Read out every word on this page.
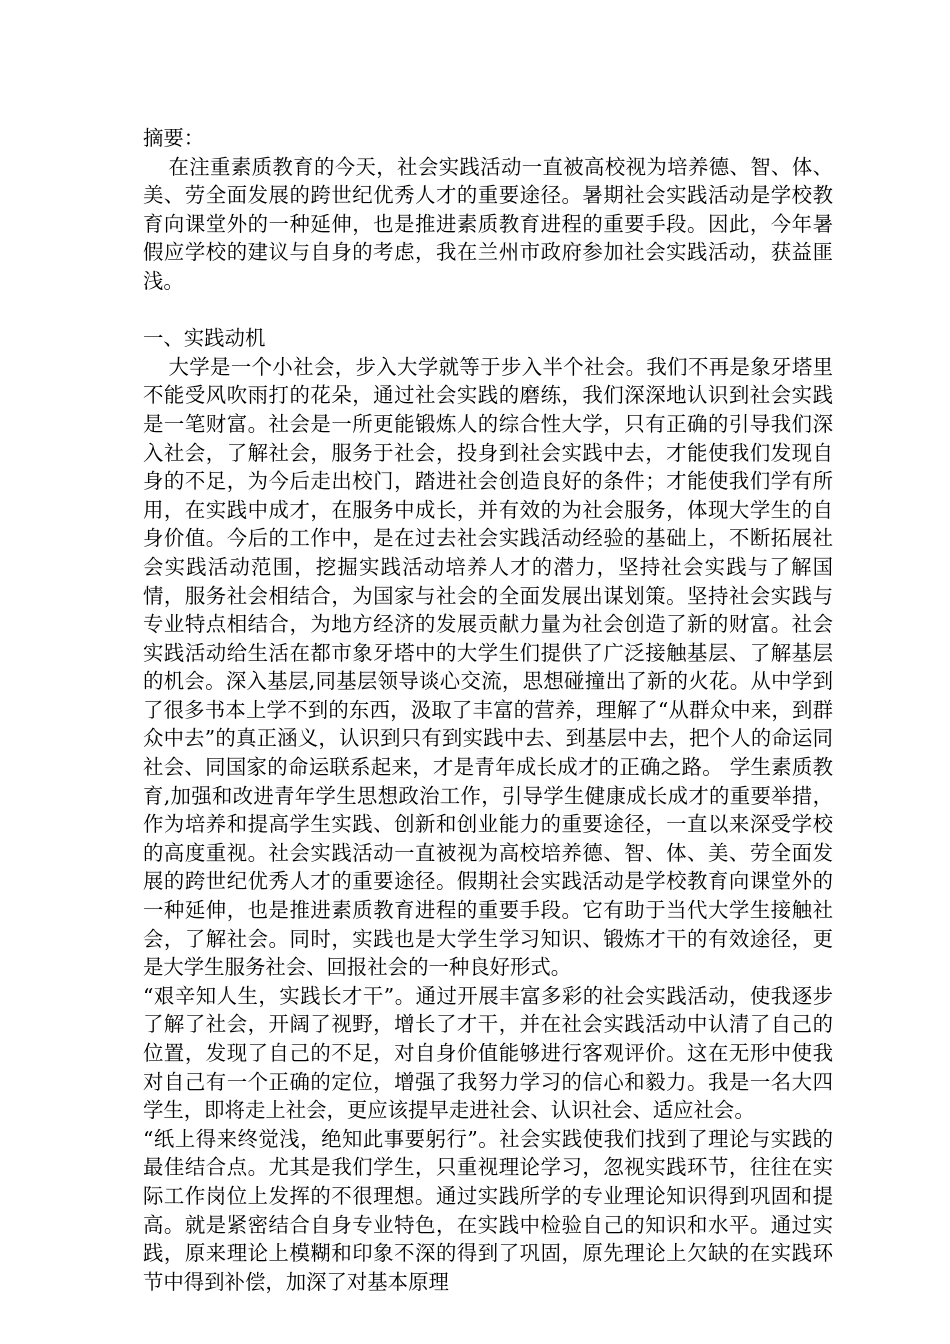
摘要：

在注重素质教育的今天，社会实践活动一直被高校视为培养德、智、体、美、劳全面发展的跨世纪优秀人才的重要途径。暑期社会实践活动是学校教育向课堂外的一种延伸，也是推进素质教育进程的重要手段。因此，今年暑假应学校的建议与自身的考虑，我在兰州市政府参加社会实践活动，获益匪浅。

一、实践动机

大学是一个小社会，步入大学就等于步入半个社会。我们不再是象牙塔里不能受风吹雨打的花朵，通过社会实践的磨练，我们深深地认识到社会实践是一笔财富。社会是一所更能锻炼人的综合性大学，只有正确的引导我们深入社会，了解社会，服务于社会，投身到社会实践中去，才能使我们发现自身的不足，为今后走出校门，踏进社会创造良好的条件；才能使我们学有所用，在实践中成才，在服务中成长，并有效的为社会服务，体现大学生的自身价值。今后的工作中，是在过去社会实践活动经验的基础上，不断拓展社会实践活动范围，挖掘实践活动培养人才的潜力，坚持社会实践与了解国情，服务社会相结合，为国家与社会的全面发展出谋划策。坚持社会实践与专业特点相结合，为地方经济的发展贡献力量为社会创造了新的财富。社会实践活动给生活在都市象牙塔中的大学生们提供了广泛接触基层、了解基层的机会。深入基层,同基层领导谈心交流，思想碰撞出了新的火花。从中学到了很多书本上学不到的东西，汲取了丰富的营养，理解了“从群众中来，到群众中去”的真正涵义，认识到只有到实践中去、到基层中去，把个人的命运同社会、同国家的命运联系起来，才是青年成长成才的正确之路。 学生素质教育,加强和改进青年学生思想政治工作，引导学生健康成长成才的重要举措，作为培养和提高学生实践、创新和创业能力的重要途径，一直以来深受学校的高度重视。社会实践活动一直被视为高校培养德、智、体、美、劳全面发展的跨世纪优秀人才的重要途径。假期社会实践活动是学校教育向课堂外的一种延伸，也是推进素质教育进程的重要手段。它有助于当代大学生接触社会，了解社会。同时，实践也是大学生学习知识、锻炼才干的有效途径，更是大学生服务社会、回报社会的一种良好形式。

“艰辛知人生，实践长才干”。通过开展丰富多彩的社会实践活动，使我逐步了解了社会，开阔了视野，增长了才干，并在社会实践活动中认清了自己的位置，发现了自己的不足，对自身价值能够进行客观评价。这在无形中使我对自己有一个正确的定位，增强了我努力学习的信心和毅力。我是一名大四学生，即将走上社会，更应该提早走进社会、认识社会、适应社会。

“纸上得来终觉浅，绝知此事要躬行”。社会实践使我们找到了理论与实践的最佳结合点。尤其是我们学生，只重视理论学习，忽视实践环节，往往在实际工作岗位上发挥的不很理想。通过实践所学的专业理论知识得到巩固和提高。就是紧密结合自身专业特色，在实践中检验自己的知识和水平。通过实践，原来理论上模糊和印象不深的得到了巩固，原先理论上欠缺的在实践环节中得到补偿，加深了对基本原理
